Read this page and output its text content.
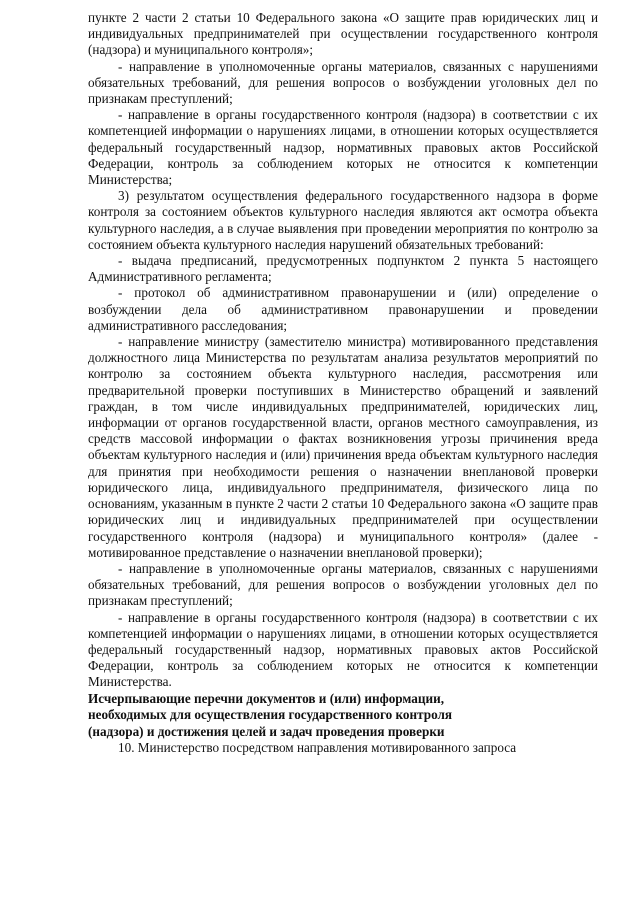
пункте 2 части 2 статьи 10 Федерального закона «О защите прав юридических лиц и индивидуальных предпринимателей при осуществлении государственного контроля (надзора) и муниципального контроля»;

- направление в уполномоченные органы материалов, связанных с нарушениями обязательных требований, для решения вопросов о возбуждении уголовных дел по признакам преступлений;

- направление в органы государственного контроля (надзора) в соответствии с их компетенцией информации о нарушениях лицами, в отношении которых осуществляется федеральный государственный надзор, нормативных правовых актов Российской Федерации, контроль за соблюдением которых не относится к компетенции Министерства;

3) результатом осуществления федерального государственного надзора в форме контроля за состоянием объектов культурного наследия являются акт осмотра объекта культурного наследия, а в случае выявления при проведении мероприятия по контролю за состоянием объекта культурного наследия нарушений обязательных требований:

- выдача предписаний, предусмотренных подпунктом 2 пункта 5 настоящего Административного регламента;

- протокол об административном правонарушении и (или) определение о возбуждении дела об административном правонарушении и проведении административного расследования;

- направление министру (заместителю министра) мотивированного представления должностного лица Министерства по результатам анализа результатов мероприятий по контролю за состоянием объекта культурного наследия, рассмотрения или предварительной проверки поступивших в Министерство обращений и заявлений граждан, в том числе индивидуальных предпринимателей, юридических лиц, информации от органов государственной власти, органов местного самоуправления, из средств массовой информации о фактах возникновения угрозы причинения вреда объектам культурного наследия и (или) причинения вреда объектам культурного наследия для принятия при необходимости решения о назначении внеплановой проверки юридического лица, индивидуального предпринимателя, физического лица по основаниям, указанным в пункте 2 части 2 статьи 10 Федерального закона «О защите прав юридических лиц и индивидуальных предпринимателей при осуществлении государственного контроля (надзора) и муниципального контроля» (далее - мотивированное представление о назначении внеплановой проверки);

- направление в уполномоченные органы материалов, связанных с нарушениями обязательных требований, для решения вопросов о возбуждении уголовных дел по признакам преступлений;

- направление в органы государственного контроля (надзора) в соответствии с их компетенцией информации о нарушениях лицами, в отношении которых осуществляется федеральный государственный надзор, нормативных правовых актов Российской Федерации, контроль за соблюдением которых не относится к компетенции Министерства.

Исчерпывающие перечни документов и (или) информации,
необходимых для осуществления государственного контроля
(надзора) и достижения целей и задач проведения проверки

10. Министерство посредством направления мотивированного запроса
